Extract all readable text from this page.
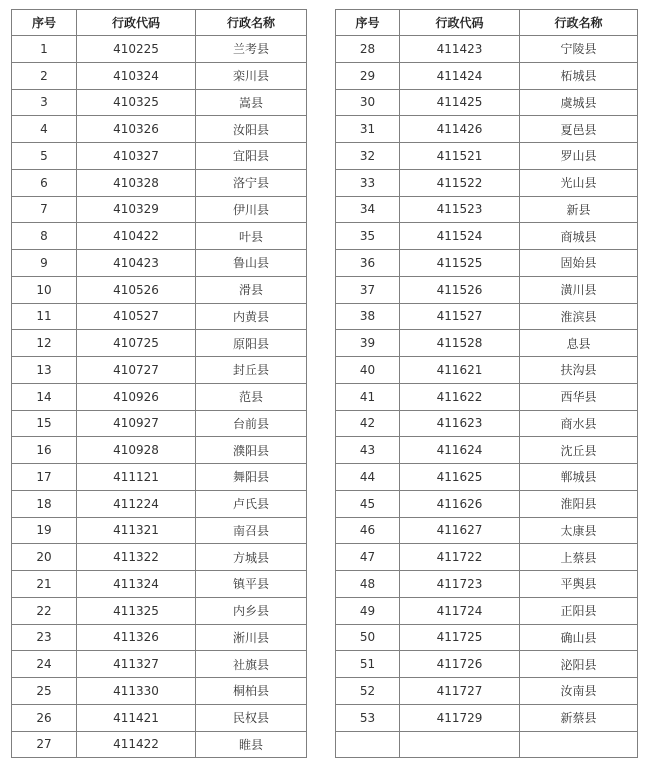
序号	行政代码	行政名称
1	410225	兰考县
2	410324	栾川县
3	410325	嵩县
4	410326	汝阳县
5	410327	宜阳县
6	410328	洛宁县
7	410329	伊川县
8	410422	叶县
9	410423	鲁山县
10	410526	滑县
11	410527	内黄县
12	410725	原阳县
13	410727	封丘县
14	410926	范县
15	410927	台前县
16	410928	濮阳县
17	411121	舞阳县
18	411224	卢氏县
19	411321	南召县
20	411322	方城县
21	411324	镇平县
22	411325	内乡县
23	411326	淅川县
24	411327	社旗县
25	411330	桐柏县
26	411421	民权县
27	411422	睢县
序号	行政代码	行政名称
28	411423	宁陵县
29	411424	柘城县
30	411425	虞城县
31	411426	夏邑县
32	411521	罗山县
33	411522	光山县
34	411523	新县
35	411524	商城县
36	411525	固始县
37	411526	潢川县
38	411527	淮滨县
39	411528	息县
40	411621	扶沟县
41	411622	西华县
42	411623	商水县
43	411624	沈丘县
44	411625	郸城县
45	411626	淮阳县
46	411627	太康县
47	411722	上蔡县
48	411723	平舆县
49	411724	正阳县
50	411725	确山县
51	411726	泌阳县
52	411727	汝南县
53	411729	新蔡县
